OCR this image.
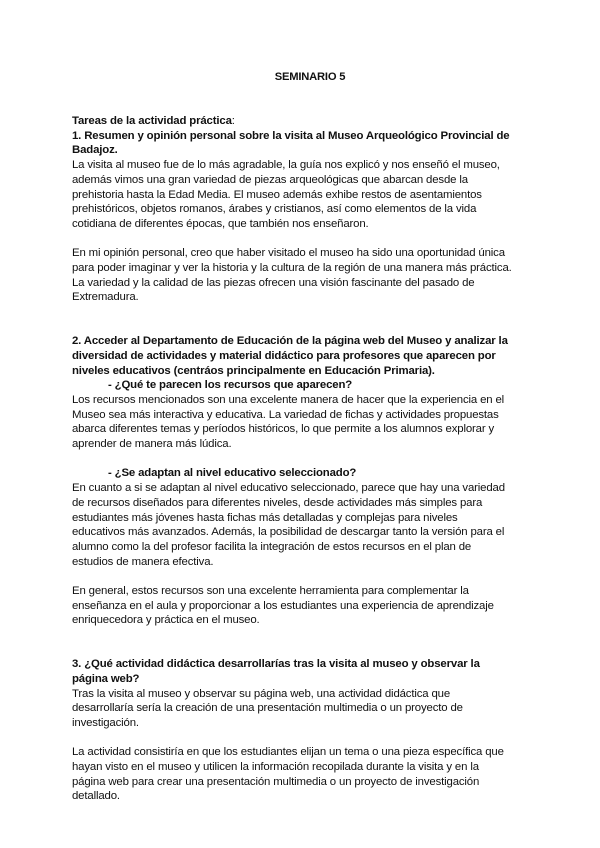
SEMINARIO 5

Tareas de la actividad práctica:

1. Resumen y opinión personal sobre la visita al Museo Arqueológico Provincial de Badajoz.

La visita al museo fue de lo más agradable, la guía nos explicó y nos enseñó el museo, además vimos una gran variedad de piezas arqueológicas que abarcan desde la prehistoria hasta la Edad Media. El museo además exhibe restos de asentamientos prehistóricos, objetos romanos, árabes y cristianos, así como elementos de la vida cotidiana de diferentes épocas, que también nos enseñaron.

En mi opinión personal, creo que haber visitado el museo ha sido una oportunidad única para poder imaginar y ver la historia y la cultura de la región de una manera más práctica. La variedad y la calidad de las piezas ofrecen una visión fascinante del pasado de Extremadura.

2. Acceder al Departamento de Educación de la página web del Museo y analizar la diversidad de actividades y material didáctico para profesores que aparecen por niveles educativos (centráos principalmente en Educación Primaria).

- ¿Qué te parecen los recursos que aparecen?

Los recursos mencionados son una excelente manera de hacer que la experiencia en el Museo sea más interactiva y educativa. La variedad de fichas y actividades propuestas abarca diferentes temas y períodos históricos, lo que permite a los alumnos explorar y aprender de manera más lúdica.

- ¿Se adaptan al nivel educativo seleccionado?

En cuanto a si se adaptan al nivel educativo seleccionado, parece que hay una variedad de recursos diseñados para diferentes niveles, desde actividades más simples para estudiantes más jóvenes hasta fichas más detalladas y complejas para niveles educativos más avanzados. Además, la posibilidad de descargar tanto la versión para el alumno como la del profesor facilita la integración de estos recursos en el plan de estudios de manera efectiva.

En general, estos recursos son una excelente herramienta para complementar la enseñanza en el aula y proporcionar a los estudiantes una experiencia de aprendizaje enriquecedora y práctica en el museo.

3. ¿Qué actividad didáctica desarrollarías tras la visita al museo y observar la página web?

Tras la visita al museo y observar su página web, una actividad didáctica que desarrollaría sería la creación de una presentación multimedia o un proyecto de investigación.

La actividad consistiría en que los estudiantes elijan un tema o una pieza específica que hayan visto en el museo y utilicen la información recopilada durante la visita y en la página web para crear una presentación multimedia o un proyecto de investigación detallado.
